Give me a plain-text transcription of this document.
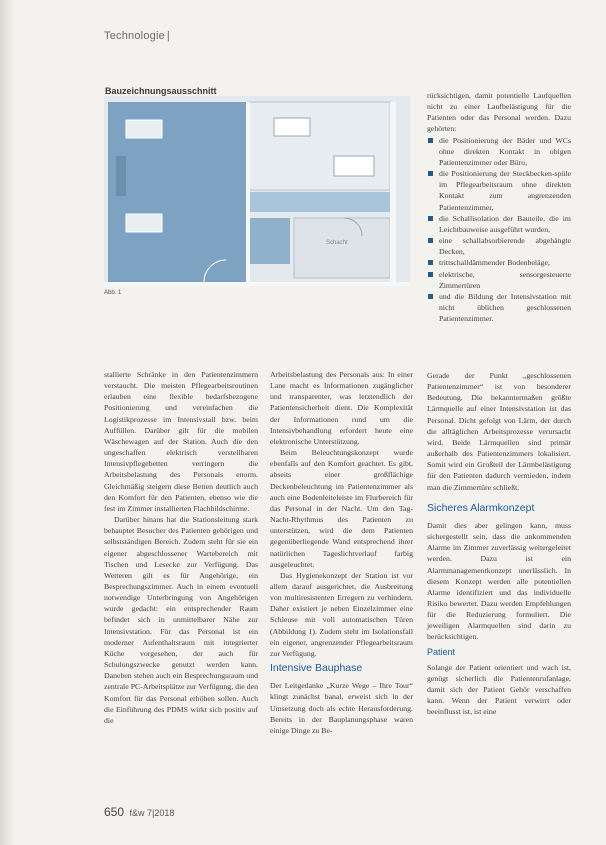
Technologie |
Bauzeichnungsausschnitt
Schacht
Abb. 1

stallierte Schränke in den Patientenzimmern verstaucht. Die meisten Pflegearbeitsroutinen erlauben eine flexible bedarfsbezogene Positionierung und vereinfachen die Logistikprozesse im Intensivstall bzw. beim Auffüllen. Darüber gilt für die mobilen Wäschewagen auf der Station. Auch die den ungeschaffen elektrisch verstellbaren Intensivpflegebetten verringern die Arbeitsbelastung des Personals enorm. Gleichmäßig steigern diese Betten deutlich auch den Komfort für den Patienten, ebenso wie die fest im Zimmer installierten Flachbildschirme.

Darüber hinaus hat die Stationsleitung stark behauptet Besucher des Patienten gehörigen und selbstständigen Bereich. Zudem steht für sie ein eigener abgeschlossener Wartebereich mit Tischen und Lesecke zur Verfügung. Das Wetteren gilt es für Angehörige, ein Besprechungszimmer. Auch in einem eventuell notwendige Unterbringung von Angehörigen wurde gedacht: ein entsprechender Raum befindet sich in unmittelbarer Nähe zur Intensivstation. Für das Personal ist ein moderner Aufenthaltsraum mit integrierter Küche vorgesehen, der auch für Schulungszwecke genutzt werden kann. Daneben stehen auch ein Besprechungsraum und zentrale PC-Arbeitsplätze zur Verfügung, die den Komfort für das Personal erhöhen sollen. Auch die Einführung des PDMS wirkt sich positiv auf die

Arbeitsbelastung des Personals aus: In einer Lane macht es Informationen zugänglicher und transparenter, was letztendlich der Patientensicherheit dient. Die Komplexität der Informationen rund um die Intensivbehandlung erfordert heute eine elektronische Unterstützung.

Beim Beleuchtungskonzept wurde ebenfalls auf den Komfort geachtet. Es gibt, abseits einer großflächige Deckenbeleuchtung im Patientenzimmer als auch eine Bodenleiteleiste im Flurbereich für das Personal in der Nacht. Um den Tag-Nacht-Rhythmus des Patienten zu unterstützen, wird die dem Patienten gegenüberliegende Wand entsprechend ihrer natürlichen Tageslichtverlauf farbig ausgeleuchtet.

Das Hygienekonzept der Station ist vor allem darauf ausgerichtet, die Ausbreitung von multiresistenten Erregern zu verhindern. Daher existiert je neben Einzelzimmer eine Schleuse mit voll automatischen Türen (Abbildung 1). Zudem steht im Isolationsfall ein eigener, angrenzender Pflegearbeitsraum zur Verfügung.

Intensive Bauphase

Der Leitgedanke „Kurze Wege – Ihre Tour“ klingt zunächst banal, erweist sich in der Umsetzung doch als echte Herausforderung. Bereits in der Bauplanungsphase waren einige Dinge zu Be-

rücksichtigen, damit potentielle Laufquellen nicht zu einer Laufbelästigung für die Patienten oder das Personal werden. Dazu gehörten:

die Positionierung der Bäder und WCs ohne direkten Kontakt in obigen Patientenzimmer oder Büro,
die Positionierung der Steckbecken-spüle im Pflegearbeitsraum ohne direkten Kontakt zum angrenzenden Patientenzimmer,
die Schallisolation der Bauteile, die im Leichtbauweise ausgeführt wurden,
eine schallabsorbierende abgehängte Decken,
trittschalldämmender Bodenbeläge,
elektrische, sensorgesteuerte Zimmertüren
und die Bildung der Intensivstation mit nicht üblichen geschlossenen Patientenzimmer.

Gerade der Punkt „geschlossenen Patientenzimmer“ ist von besonderer Bedeutung. Die bekanntermaßen größte Lärmquelle auf einer Intensivstation ist das Personal. Dicht gefolgt von Lärm, der durch die alltäglichen Arbeitsprozesse verursacht wird. Beide Lärmquellen sind primär außerhalb des Patientenzimmers lokalisiert. Somit wird ein Großteil der Lärmbelästigung für den Patienten dadurch vermieden, indem man die Zimmertüre schließt.

Sicheres Alarmkonzept

Damit dies aber gelingen kann, muss sichergestellt sein, dass die ankommenden Alarme im Zimmer zuverlässig weitergeleitet werden. Dazu ist ein Alarmmanagementkonzept unerlässlich. In diesem Konzept werden alle potentiellen Alarme identifiziert und das individuelle Risiko bewertet. Dazu werden Empfehlungen für die Reduzierung formuliert. Die jeweiligen Alarmquellen sind darin zu berücksichtigen.

Patient

Solange der Patient orientiert und wach ist, genügt sicherlich die Patientenrufanlage, damit sich der Patient Gehör verschaffen kann. Wenn der Patient verwirrt oder beeinflusst ist, ist eine

650 f&w 7|2018
